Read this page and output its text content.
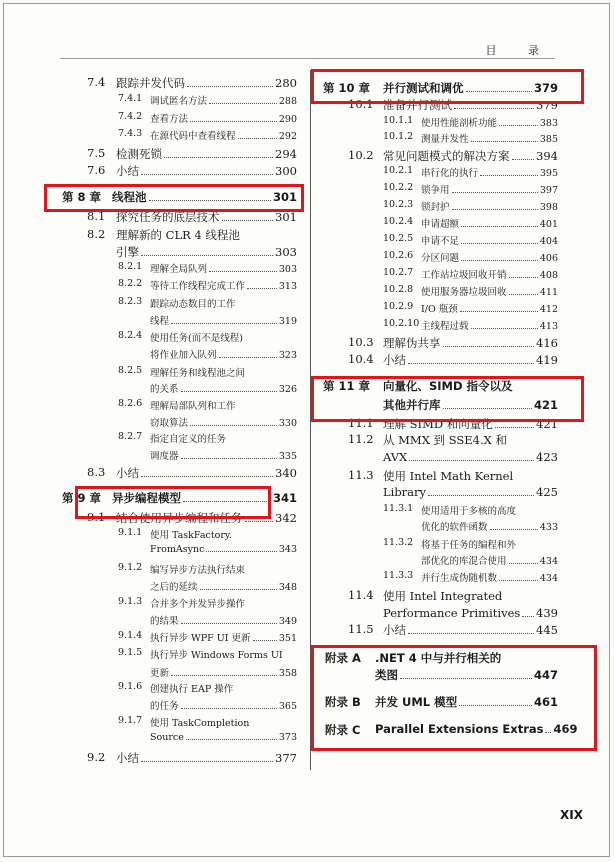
目 录
7.4 跟踪并发代码	280
7.4.1 调试匿名方法	288
7.4.2 查看方法	290
7.4.3 在源代码中查看线程	292
7.5 检测死锁	294
7.6 小结	300
第 8 章 线程池	301
8.1 探究任务的底层技术	301
8.2 理解新的 CLR 4 线程池
引擎	303
8.2.1 理解全局队列	303
8.2.2 等待工作线程完成工作	313
8.2.3 跟踪动态数目的工作
线程	319
8.2.4 使用任务(而不是线程)
将作业加入队列	323
8.2.5 理解任务和线程池之间
的关系	326
8.2.6 理解局部队列和工作
窃取算法	330
8.2.7 指定自定义的任务
调度器	335
8.3 小结	340
第 9 章 异步编程模型	341
9.1 结合使用异步编程和任务	342
9.1.1 使用 TaskFactory.
FromAsync	343
9.1.2 编写异步方法执行结束
之后的延续	348
9.1.3 合并多个并发异步操作
的结果	349
9.1.4 执行异步 WPF UI 更新	351
9.1.5 执行异步 Windows Forms UI
更新	358
9.1.6 创建执行 EAP 操作
的任务	365
9.1.7 使用 TaskCompletion
Source	373
9.2 小结	377
第 10 章 并行测试和调优	379
10.1 准备并行测试	379
10.1.1 使用性能剖析功能	383
10.1.2 测量并发性	385
10.2 常见问题模式的解决方案 394
10.2.1 串行化的执行	395
10.2.2 锁争用	397
10.2.3 锁封护	398
10.2.4 申请超额	401
10.2.5 申请不足	404
10.2.6 分区问题	406
10.2.7 工作站垃圾回收开销	408
10.2.8 使用服务器垃圾回收	411
10.2.9 I/O 瓶颈	412
10.2.10 主线程过载	413
10.3 理解伪共享	416
10.4 小结	419
第 11 章 向量化、SIMD 指令以及
其他并行库	421
11.1 理解 SIMD 和向量化	421
11.2 从 MMX 到 SSE4.X 和
AVX	423
11.3 使用 Intel Math Kernel
Library	425
11.3.1 使用适用于多核的高度
优化的软件函数	433
11.3.2 将基于任务的编程和外
部优化的库混合使用	434
11.3.3 并行生成伪随机数	434
11.4 使用 Intel Integrated
Performance Primitives 439
11.5 小结	445
附录 A .NET 4 中与并行相关的
类图	447
附录 B 并发 UML 模型	461
附录 C Parallel Extensions Extras 469
XIX
